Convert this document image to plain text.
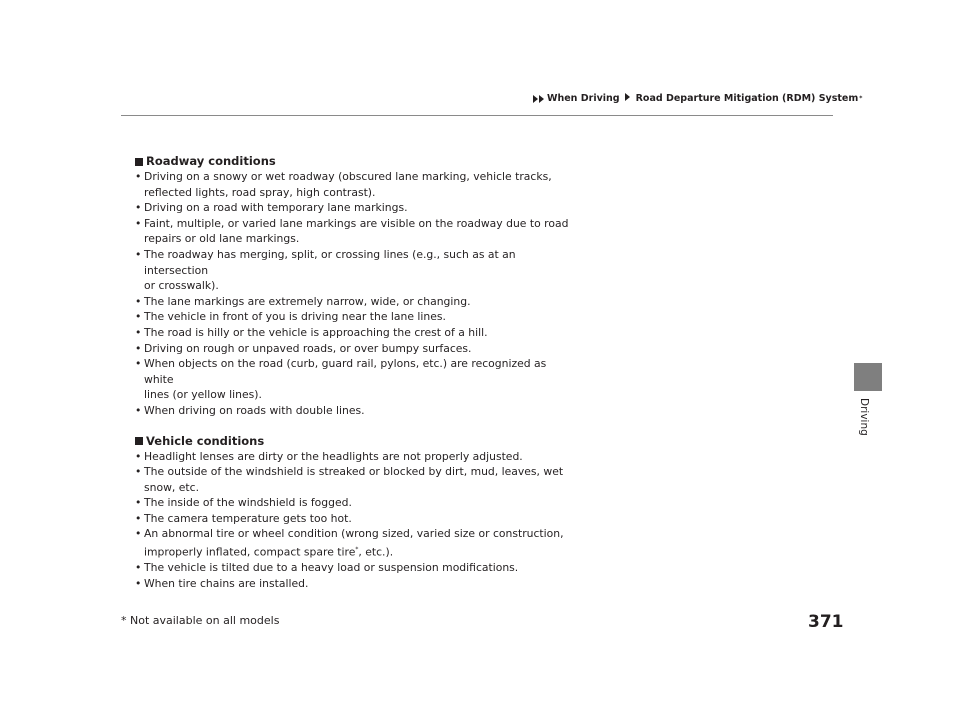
When Driving Road Departure Mitigation (RDM) System *
Driving
Roadway conditions
• Driving on a snowy or wet roadway (obscured lane marking, vehicle tracks,
reflected lights, road spray, high contrast).
• Driving on a road with temporary lane markings.
• Faint, multiple, or varied lane markings are visible on the roadway due to road
repairs or old lane markings.
• The roadway has merging, split, or crossing lines (e.g., such as at an intersection
or crosswalk).
• The lane markings are extremely narrow, wide, or changing.
• The vehicle in front of you is driving near the lane lines.
• The road is hilly or the vehicle is approaching the crest of a hill.
• Driving on rough or unpaved roads, or over bumpy surfaces.
• When objects on the road (curb, guard rail, pylons, etc.) are recognized as white
lines (or yellow lines).
• When driving on roads with double lines.
Vehicle conditions
• Headlight lenses are dirty or the headlights are not properly adjusted.
• The outside of the windshield is streaked or blocked by dirt, mud, leaves, wet
snow, etc.
• The inside of the windshield is fogged.
• The camera temperature gets too hot.
• An abnormal tire or wheel condition (wrong sized, varied size or construction,
improperly inflated, compact spare tire*, etc.).
• The vehicle is tilted due to a heavy load or suspension modifications.
• When tire chains are installed.
* Not available on all models	371
